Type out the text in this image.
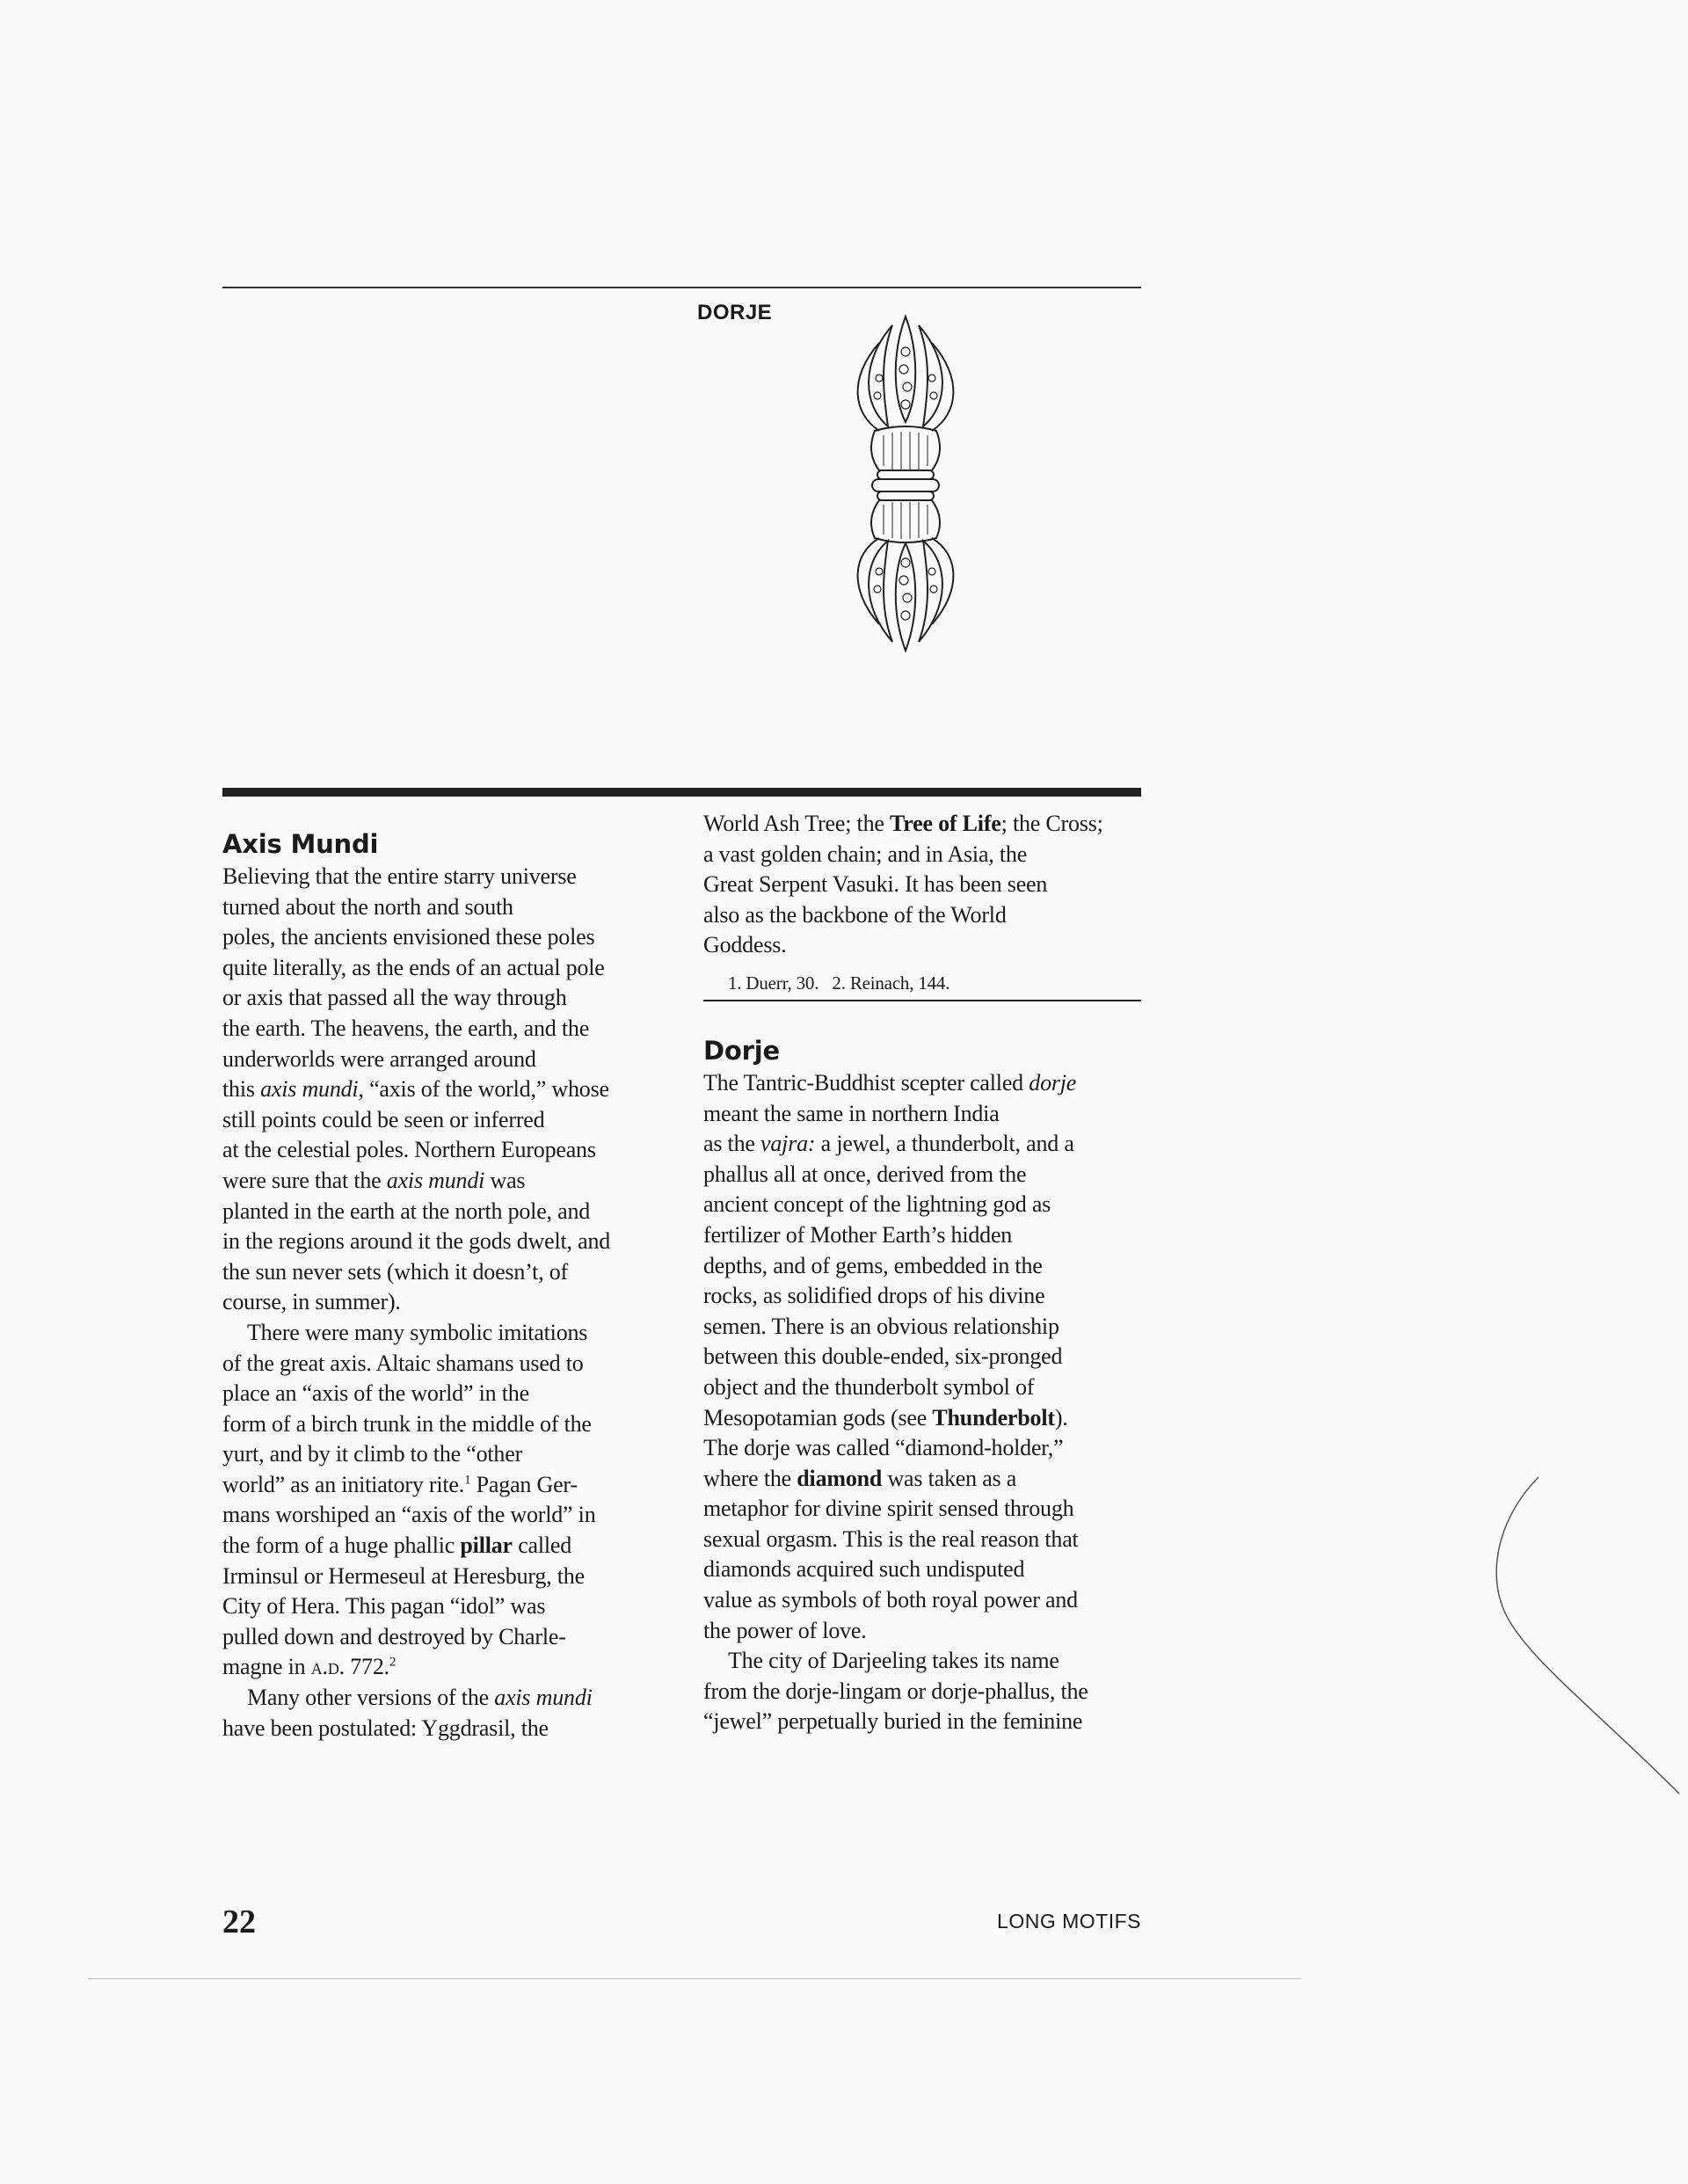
DORJE
Axis Mundi
Believing that the entire starry universe
turned about the north and south
poles, the ancients envisioned these poles
quite literally, as the ends of an actual pole
or axis that passed all the way through
the earth. The heavens, the earth, and the
underworlds were arranged around
this axis mundi, “axis of the world,” whose
still points could be seen or inferred
at the celestial poles. Northern Europeans
were sure that the axis mundi was
planted in the earth at the north pole, and
in the regions around it the gods dwelt, and
the sun never sets (which it doesn’t, of
course, in summer).
There were many symbolic imitations
of the great axis. Altaic shamans used to
place an “axis of the world” in the
form of a birch trunk in the middle of the
yurt, and by it climb to the “other
world” as an initiatory rite.$^1$ Pagan Ger-
mans worshiped an “axis of the world” in
the form of a huge phallic pillar called
Irminsul or Hermeseul at Heresburg, the
City of Hera. This pagan “idol” was
pulled down and destroyed by Charle-
magne in a.d. 772.$^2$
Many other versions of the axis mundi
have been postulated: Yggdrasil, the
World Ash Tree; the Tree of Life; the Cross;
a vast golden chain; and in Asia, the
Great Serpent Vasuki. It has been seen
also as the backbone of the World
Goddess.
1. Duerr, 30.   2. Reinach, 144.
Dorje
The Tantric-Buddhist scepter called dorje
meant the same in northern India
as the vajra: a jewel, a thunderbolt, and a
phallus all at once, derived from the
ancient concept of the lightning god as
fertilizer of Mother Earth’s hidden
depths, and of gems, embedded in the
rocks, as solidified drops of his divine
semen. There is an obvious relationship
between this double-ended, six-pronged
object and the thunderbolt symbol of
Mesopotamian gods (see Thunderbolt).
The dorje was called “diamond-holder,”
where the diamond was taken as a
metaphor for divine spirit sensed through
sexual orgasm. This is the real reason that
diamonds acquired such undisputed
value as symbols of both royal power and
the power of love.
The city of Darjeeling takes its name
from the dorje-lingam or dorje-phallus, the
“jewel” perpetually buried in the feminine
22	LONG MOTIFS
